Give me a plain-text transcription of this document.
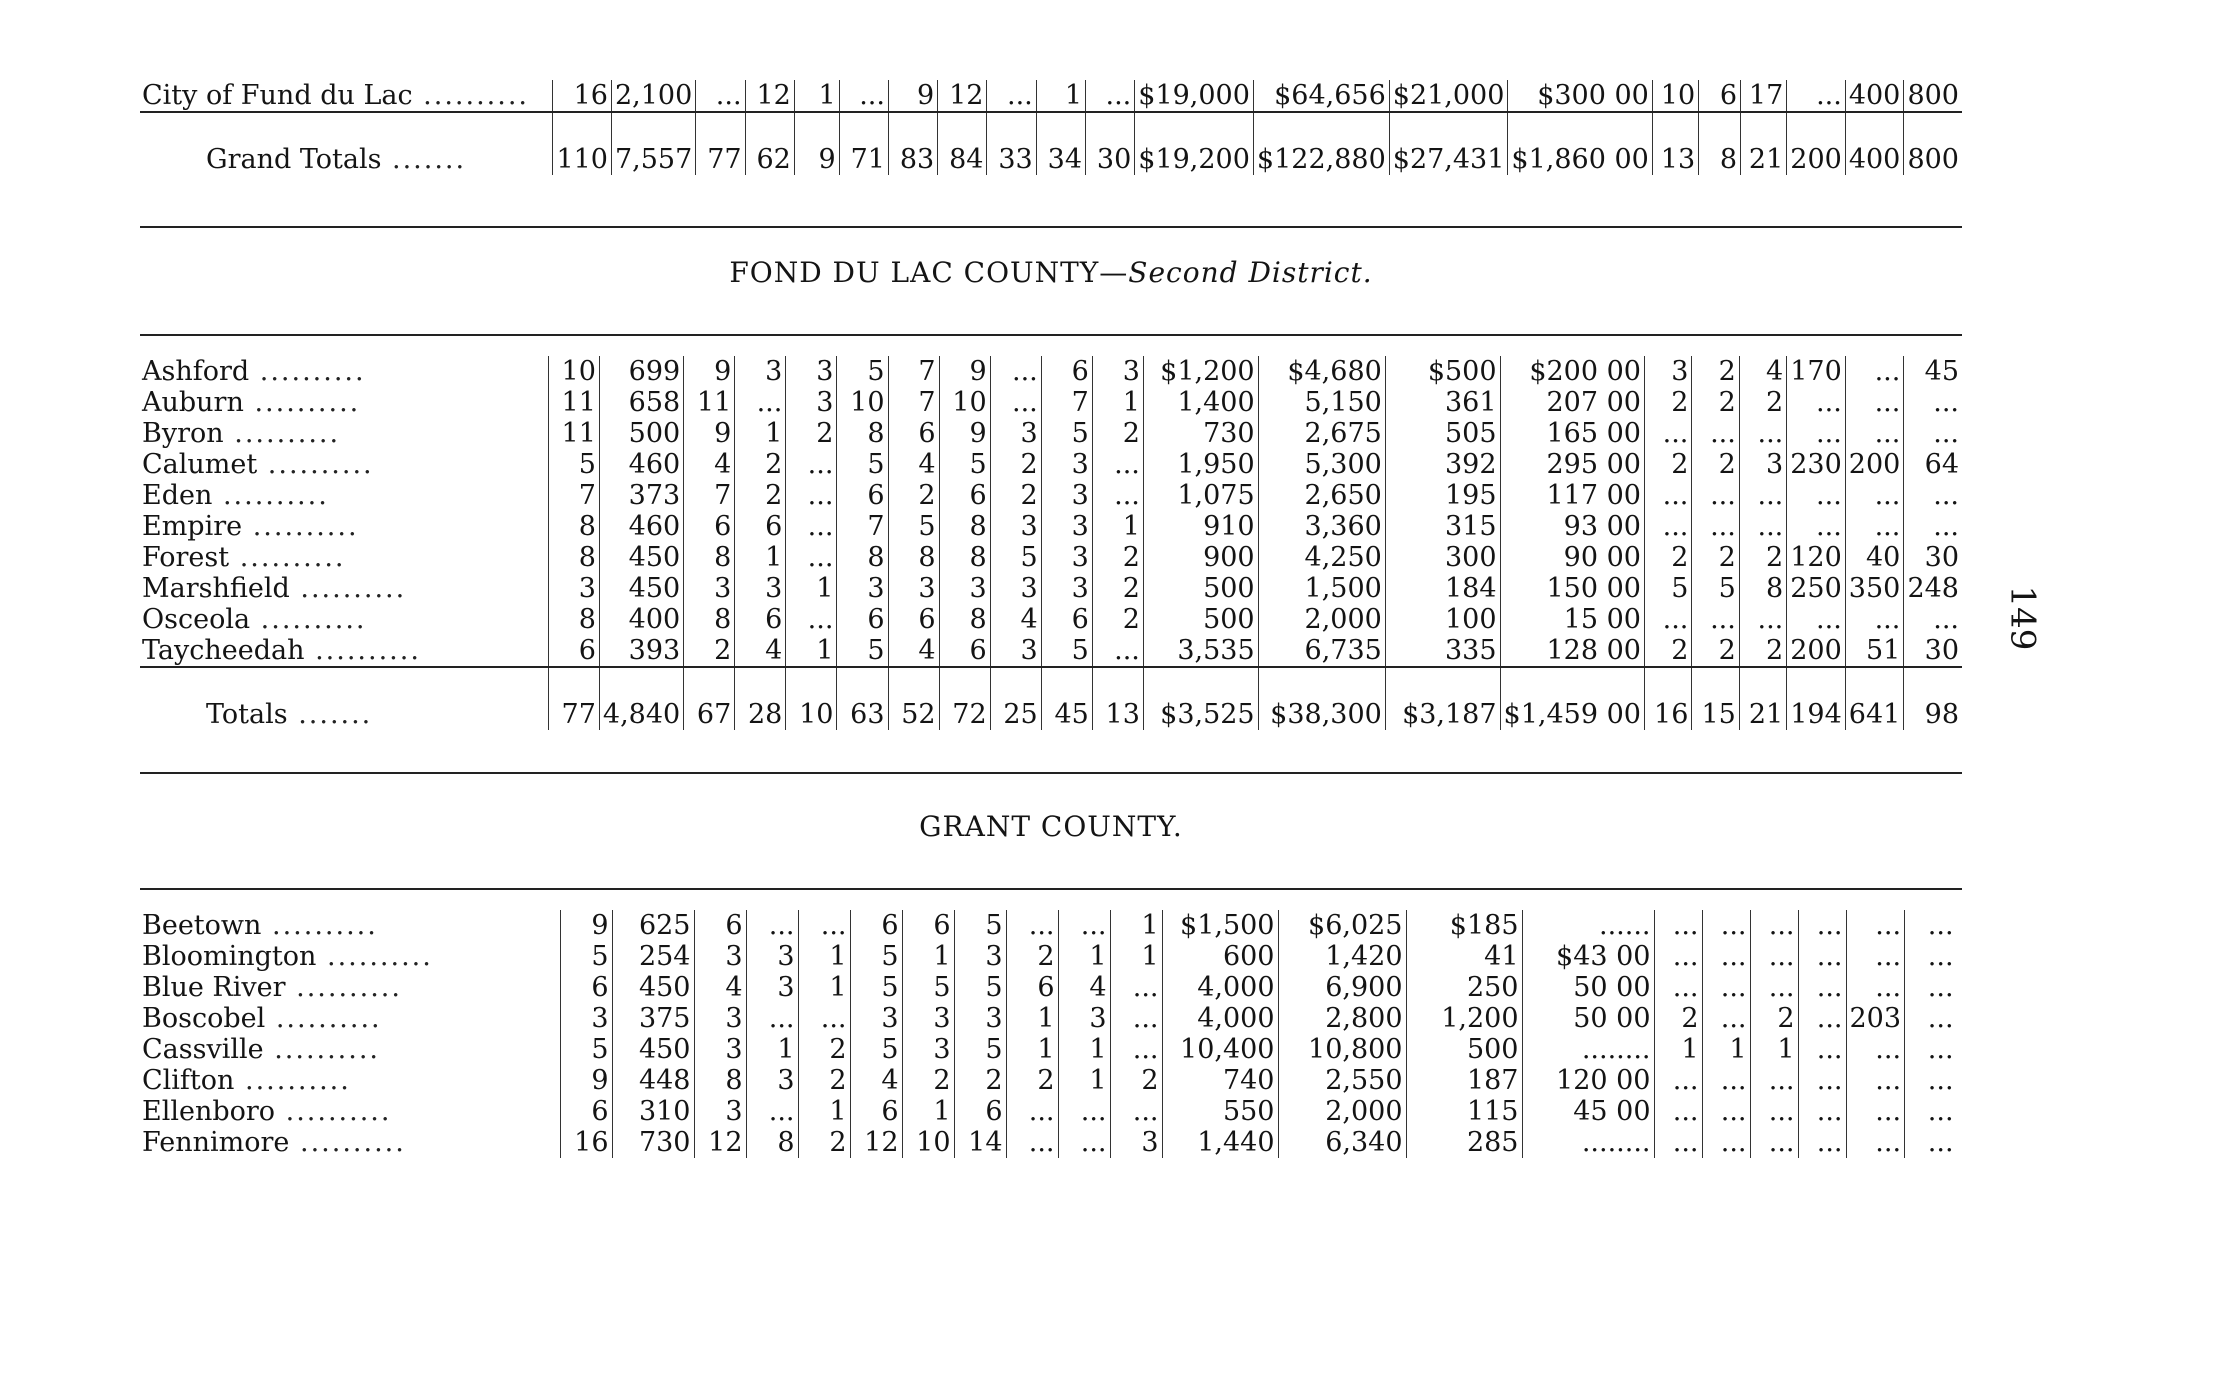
City of Fund du Lac ..........	16	2,100	...	12	1	...	9	12	...	1	...	$19,000	$64,656	$21,000	$300 00	10	6	17	...	400	800
Grand Totals .......	110	7,557	77	62	9	71	83	84	33	34	30	$19,200	$122,880	$27,431	$1,860 00	13	8	21	200	400	800
FOND DU LAC COUNTY—Second District.
Ashford ..........	10	699	9	3	3	5	7	9	...	6	3	$1,200	$4,680	$500	$200 00	3	2	4	170	...	45
Auburn ..........	11	658	11	...	3	10	7	10	...	7	1	1,400	5,150	361	207 00	2	2	2	...	...	...
Byron ..........	11	500	9	1	2	8	6	9	3	5	2	730	2,675	505	165 00	...	...	...	...	...	...
Calumet ..........	5	460	4	2	...	5	4	5	2	3	...	1,950	5,300	392	295 00	2	2	3	230	200	64
Eden ..........	7	373	7	2	...	6	2	6	2	3	...	1,075	2,650	195	117 00	...	...	...	...	...	...
Empire ..........	8	460	6	6	...	7	5	8	3	3	1	910	3,360	315	93 00	...	...	...	...	...	...
Forest ..........	8	450	8	1	...	8	8	8	5	3	2	900	4,250	300	90 00	2	2	2	120	40	30
Marshfield ..........	3	450	3	3	1	3	3	3	3	3	2	500	1,500	184	150 00	5	5	8	250	350	248
Osceola ..........	8	400	8	6	...	6	6	8	4	6	2	500	2,000	100	15 00	...	...	...	...	...	...
Taycheedah ..........	6	393	2	4	1	5	4	6	3	5	...	3,535	6,735	335	128 00	2	2	2	200	51	30
Totals .......	77	4,840	67	28	10	63	52	72	25	45	13	$3,525	$38,300	$3,187	$1,459 00	16	15	21	194	641	98
GRANT COUNTY.
Beetown ..........	9	625	6	...	...	6	6	5	...	...	1	$1,500	$6,025	$185	......	...	...	...	...	...	...
Bloomington ..........	5	254	3	3	1	5	1	3	2	1	1	600	1,420	41	$43 00	...	...	...	...	...	...
Blue River ..........	6	450	4	3	1	5	5	5	6	4	...	4,000	6,900	250	50 00	...	...	...	...	...	...
Boscobel ..........	3	375	3	...	...	3	3	3	1	3	...	4,000	2,800	1,200	50 00	2	...	2	...	203	...
Cassville ..........	5	450	3	1	2	5	3	5	1	1	...	10,400	10,800	500	........	1	1	1	...	...	...
Clifton ..........	9	448	8	3	2	4	2	2	2	1	2	740	2,550	187	120 00	...	...	...	...	...	...
Ellenboro ..........	6	310	3	...	1	6	1	6	...	...	...	550	2,000	115	45 00	...	...	...	...	...	...
Fennimore ..........	16	730	12	8	2	12	10	14	...	...	3	1,440	6,340	285	........	...	...	...	...	...	...
149
